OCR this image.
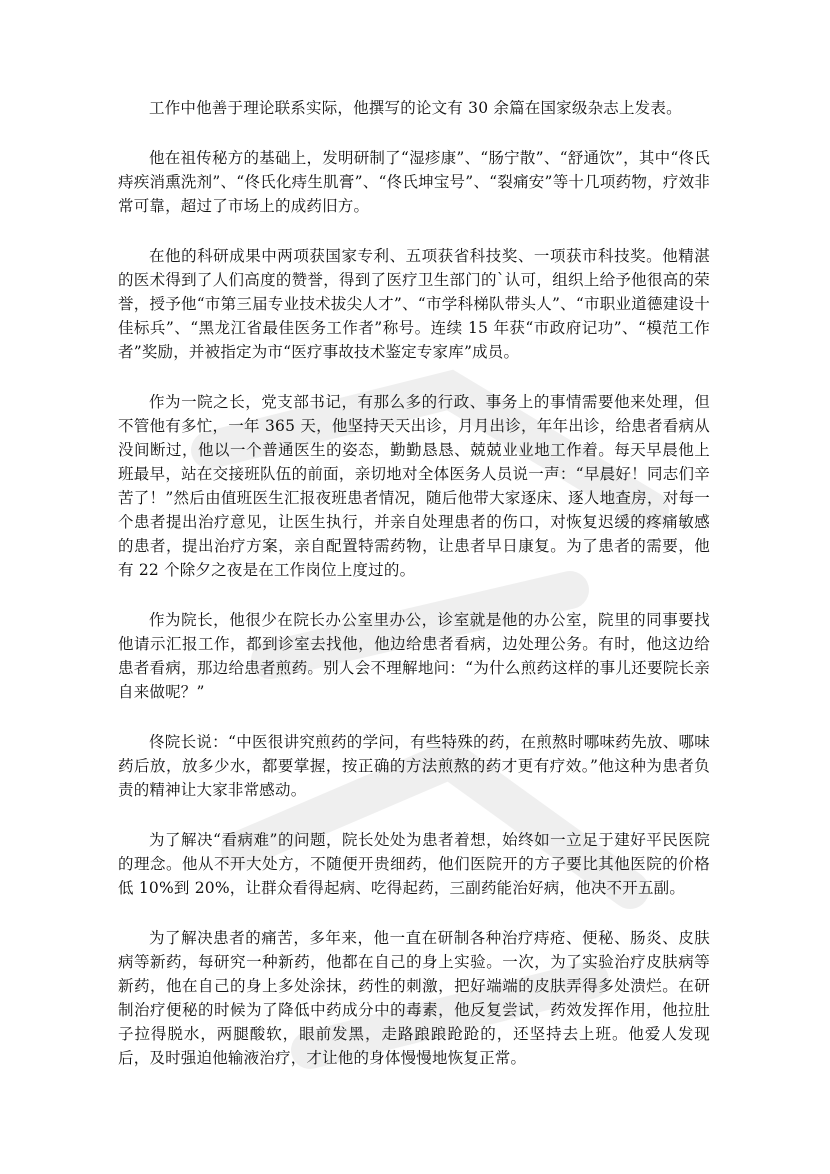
工作中他善于理论联系实际，他撰写的论文有 30 余篇在国家级杂志上发表。

他在祖传秘方的基础上，发明研制了“湿疹康”、“肠宁散”、“舒通饮”，其中“佟氏痔疾消熏洗剂”、“佟氏化痔生肌膏”、“佟氏坤宝号”、“裂痛安”等十几项药物，疗效非常可靠，超过了市场上的成药旧方。

在他的科研成果中两项获国家专利、五项获省科技奖、一项获市科技奖。他精湛的医术得到了人们高度的赞誉，得到了医疗卫生部门的`认可，组织上给予他很高的荣誉，授予他“市第三届专业技术拔尖人才”、“市学科梯队带头人”、“市职业道德建设十佳标兵”、“黑龙江省最佳医务工作者”称号。连续 15 年获“市政府记功”、“模范工作者”奖励，并被指定为市“医疗事故技术鉴定专家库”成员。

作为一院之长，党支部书记，有那么多的行政、事务上的事情需要他来处理，但不管他有多忙，一年 365 天，他坚持天天出诊，月月出诊，年年出诊，给患者看病从没间断过，他以一个普通医生的姿态，勤勤恳恳、兢兢业业地工作着。每天早晨他上班最早，站在交接班队伍的前面，亲切地对全体医务人员说一声：“早晨好！同志们辛苦了！”然后由值班医生汇报夜班患者情况，随后他带大家逐床、逐人地查房，对每一个患者提出治疗意见，让医生执行，并亲自处理患者的伤口，对恢复迟缓的疼痛敏感的患者，提出治疗方案，亲自配置特需药物，让患者早日康复。为了患者的需要，他有 22 个除夕之夜是在工作岗位上度过的。

作为院长，他很少在院长办公室里办公，诊室就是他的办公室，院里的同事要找他请示汇报工作，都到诊室去找他，他边给患者看病，边处理公务。有时，他这边给患者看病，那边给患者煎药。别人会不理解地问：“为什么煎药这样的事儿还要院长亲自来做呢？”

佟院长说：“中医很讲究煎药的学问，有些特殊的药，在煎熬时哪味药先放、哪味药后放，放多少水，都要掌握，按正确的方法煎熬的药才更有疗效。”他这种为患者负责的精神让大家非常感动。

为了解决“看病难”的问题，院长处处为患者着想，始终如一立足于建好平民医院的理念。他从不开大处方，不随便开贵细药，他们医院开的方子要比其他医院的价格低 10%到 20%，让群众看得起病、吃得起药，三副药能治好病，他决不开五副。

为了解决患者的痛苦，多年来，他一直在研制各种治疗痔疮、便秘、肠炎、皮肤病等新药，每研究一种新药，他都在自己的身上实验。一次，为了实验治疗皮肤病等新药，他在自己的身上多处涂抹，药性的刺激，把好端端的皮肤弄得多处溃烂。在研制治疗便秘的时候为了降低中药成分中的毒素，他反复尝试，药效发挥作用，他拉肚子拉得脱水，两腿酸软，眼前发黑，走路踉踉跄跄的，还坚持去上班。他爱人发现后，及时强迫他输液治疗，才让他的身体慢慢地恢复正常。
